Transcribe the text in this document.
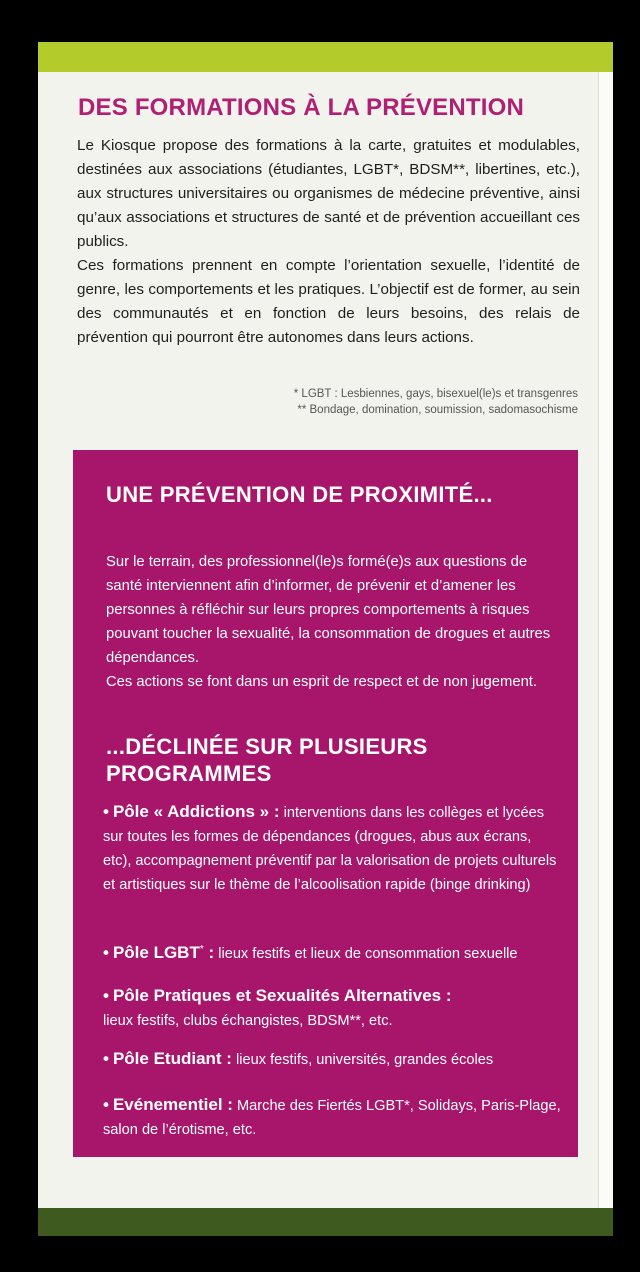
DES FORMATIONS À LA PRÉVENTION

Le Kiosque propose des formations à la carte, gratuites et modulables, destinées aux associations (étudiantes, LGBT*, BDSM**, libertines, etc.), aux structures universitaires ou organismes de médecine préventive, ainsi qu’aux associations et structures de santé et de prévention accueillant ces publics.

Ces formations prennent en compte l’orientation sexuelle, l’identité de genre, les comportements et les pratiques. L’objectif est de former, au sein des communautés et en fonction de leurs besoins, des relais de prévention qui pourront être autonomes dans leurs actions.

* LGBT : Lesbiennes, gays, bisexuel(le)s et transgenres
** Bondage, domination, soumission, sadomasochisme
UNE PRÉVENTION DE PROXIMITÉ...

Sur le terrain, des professionnel(le)s formé(e)s aux questions de santé interviennent afin d’informer, de prévenir et d’amener les personnes à réfléchir sur leurs propres comportements à risques pouvant toucher la sexualité, la consommation de drogues et autres dépendances.

Ces actions se font dans un esprit de respect et de non jugement.

...DÉCLINÉE SUR PLUSIEURS PROGRAMMES

• Pôle « Addictions » : interventions dans les collèges et lycées sur toutes les formes de dépendances (drogues, abus aux écrans, etc), accompagnement préventif par la valorisation de projets culturels et artistiques sur le thème de l’alcoolisation rapide (binge drinking)

• Pôle LGBT* : lieux festifs et lieux de consommation sexuelle

• Pôle Pratiques et Sexualités Alternatives :
lieux festifs, clubs échangistes, BDSM**, etc.

• Pôle Etudiant : lieux festifs, universités, grandes écoles

• Evénementiel : Marche des Fiertés LGBT*, Solidays, Paris-Plage, salon de l’érotisme, etc.
